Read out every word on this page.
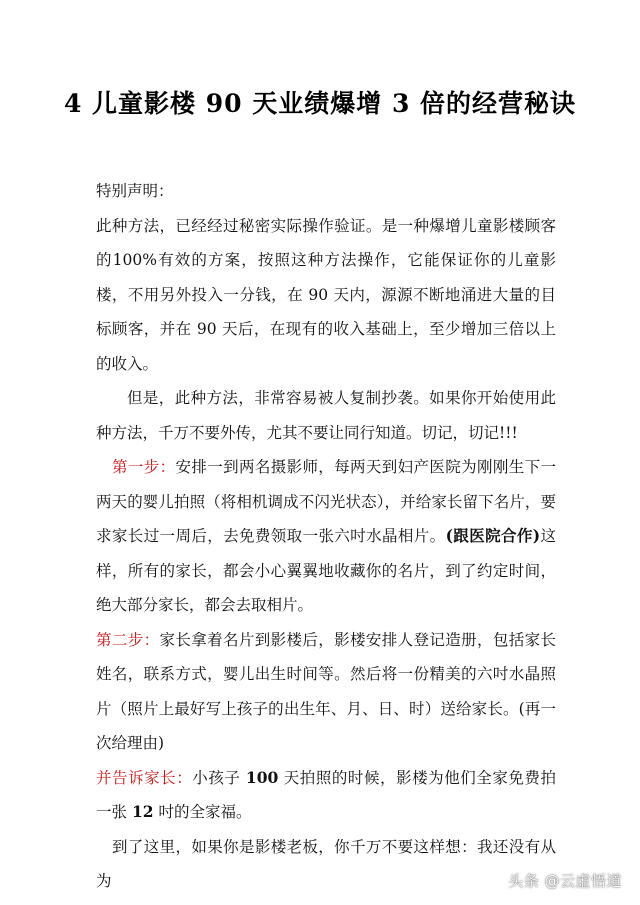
4 儿童影楼 90 天业绩爆增 3 倍的经营秘诀

特别声明：

此种方法，已经经过秘密实际操作验证。是一种爆增儿童影楼顾客的100%有效的方案，按照这种方法操作，它能保证你的儿童影楼，不用另外投入一分钱，在 90 天内，源源不断地涌进大量的目标顾客，并在 90 天后，在现有的收入基础上，至少增加三倍以上的收入。

但是，此种方法，非常容易被人复制抄袭。如果你开始使用此种方法，千万不要外传，尤其不要让同行知道。切记，切记!!!

第一步：安排一到两名摄影师，每两天到妇产医院为刚刚生下一两天的婴儿拍照（将相机调成不闪光状态），并给家长留下名片，要求家长过一周后，去免费领取一张六吋水晶相片。(跟医院合作)这样，所有的家长，都会小心翼翼地收藏你的名片，到了约定时间，绝大部分家长，都会去取相片。

第二步：家长拿着名片到影楼后，影楼安排人登记造册，包括家长姓名，联系方式，婴儿出生时间等。然后将一份精美的六吋水晶照片（照片上最好写上孩子的出生年、月、日、时）送给家长。(再一次给理由)

并告诉家长：小孩子 100 天拍照的时候，影楼为他们全家免费拍一张 12 吋的全家福。

到了这里，如果你是影楼老板，你千万不要这样想：我还没有从为	头条 @云虚悟道
